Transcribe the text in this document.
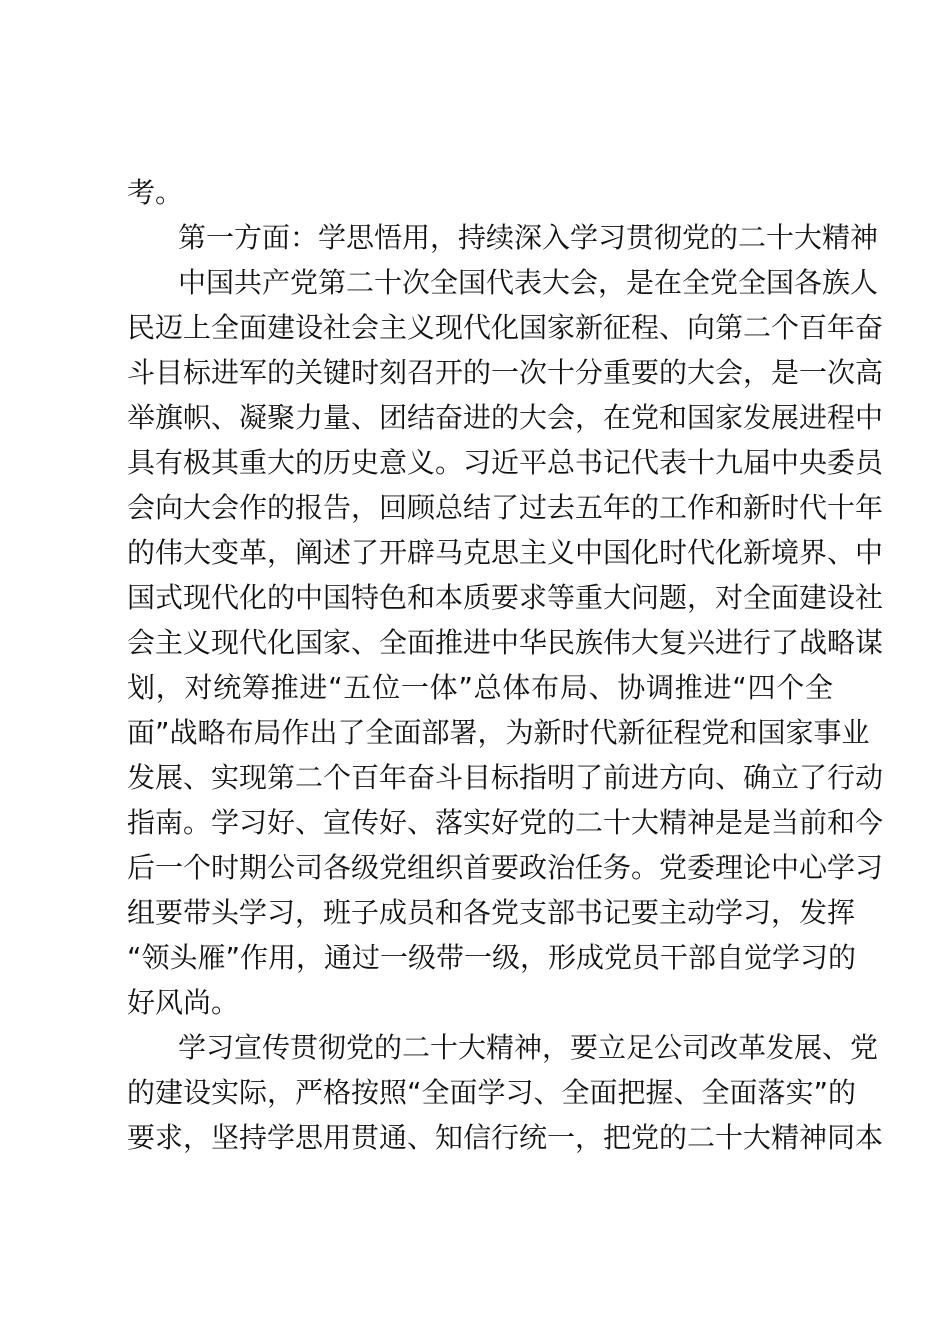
考。
第一方面：学思悟用，持续深入学习贯彻党的二十大精神
中国共产党第二十次全国代表大会，是在全党全国各族人
民迈上全面建设社会主义现代化国家新征程、向第二个百年奋
斗目标进军的关键时刻召开的一次十分重要的大会，是一次高
举旗帜、凝聚力量、团结奋进的大会，在党和国家发展进程中
具有极其重大的历史意义。习近平总书记代表十九届中央委员
会向大会作的报告，回顾总结了过去五年的工作和新时代十年
的伟大变革，阐述了开辟马克思主义中国化时代化新境界、中
国式现代化的中国特色和本质要求等重大问题，对全面建设社
会主义现代化国家、全面推进中华民族伟大复兴进行了战略谋
划，对统筹推进“五位一体”总体布局、协调推进“四个全
面”战略布局作出了全面部署，为新时代新征程党和国家事业
发展、实现第二个百年奋斗目标指明了前进方向、确立了行动
指南。学习好、宣传好、落实好党的二十大精神是是当前和今
后一个时期公司各级党组织首要政治任务。党委理论中心学习
组要带头学习，班子成员和各党支部书记要主动学习，发挥
“领头雁”作用，通过一级带一级，形成党员干部自觉学习的
好风尚。
学习宣传贯彻党的二十大精神，要立足公司改革发展、党
的建设实际，严格按照“全面学习、全面把握、全面落实”的
要求，坚持学思用贯通、知信行统一，把党的二十大精神同本
